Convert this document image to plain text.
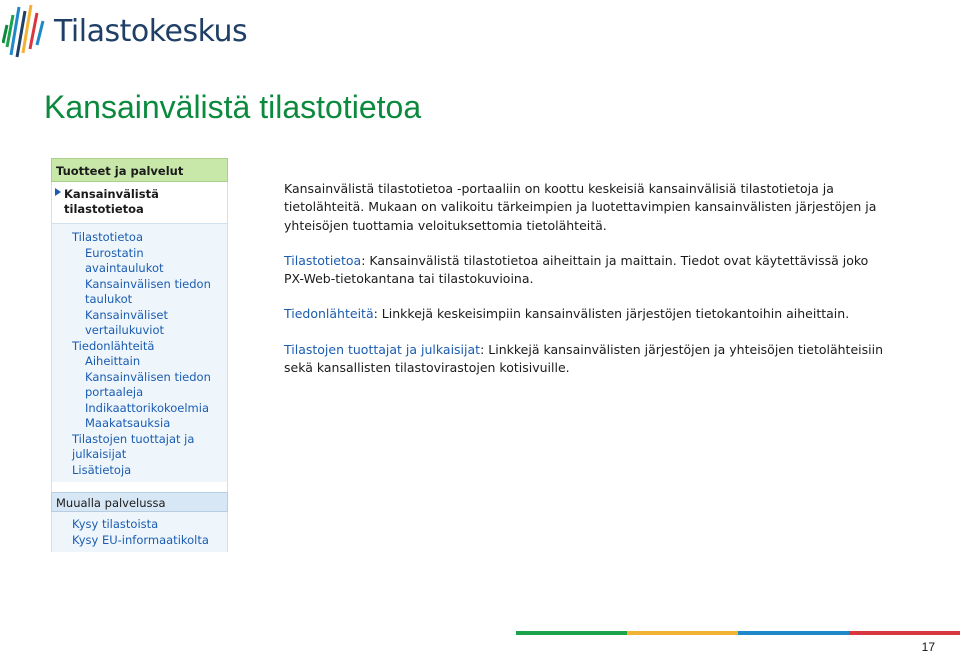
Tilastokeskus
Kansainvälistä tilastotietoa
Tuotteet ja palvelut
Kansainvälistä tilastotietoa
Tilastotietoa
Eurostatin avaintaulukot
Kansainvälisen tiedon taulukot
Kansainväliset vertailukuviot
Tiedonlähteitä
Aiheittain
Kansainvälisen tiedon portaaleja
Indikaattorikokoelmia
Maakatsauksia
Tilastojen tuottajat ja julkaisijat
Lisätietoja
Muualla palvelussa
Kysy tilastoista
Kysy EU-informaatikolta

Kansainvälistä tilastotietoa -portaaliin on koottu keskeisiä kansainvälisiä tilastotietoja ja tietolähteitä. Mukaan on valikoitu tärkeimpien ja luotettavimpien kansainvälisten järjestöjen ja yhteisöjen tuottamia veloituksettomia tietolähteitä.

Tilastotietoa: Kansainvälistä tilastotietoa aiheittain ja maittain. Tiedot ovat käytettävissä joko PX-Web-tietokantana tai tilastokuvioina.

Tiedonlähteitä: Linkkejä keskeisimpiin kansainvälisten järjestöjen tietokantoihin aiheittain.

Tilastojen tuottajat ja julkaisijat: Linkkejä kansainvälisten järjestöjen ja yhteisöjen tietolähteisiin sekä kansallisten tilastovirastojen kotisivuille.

17
